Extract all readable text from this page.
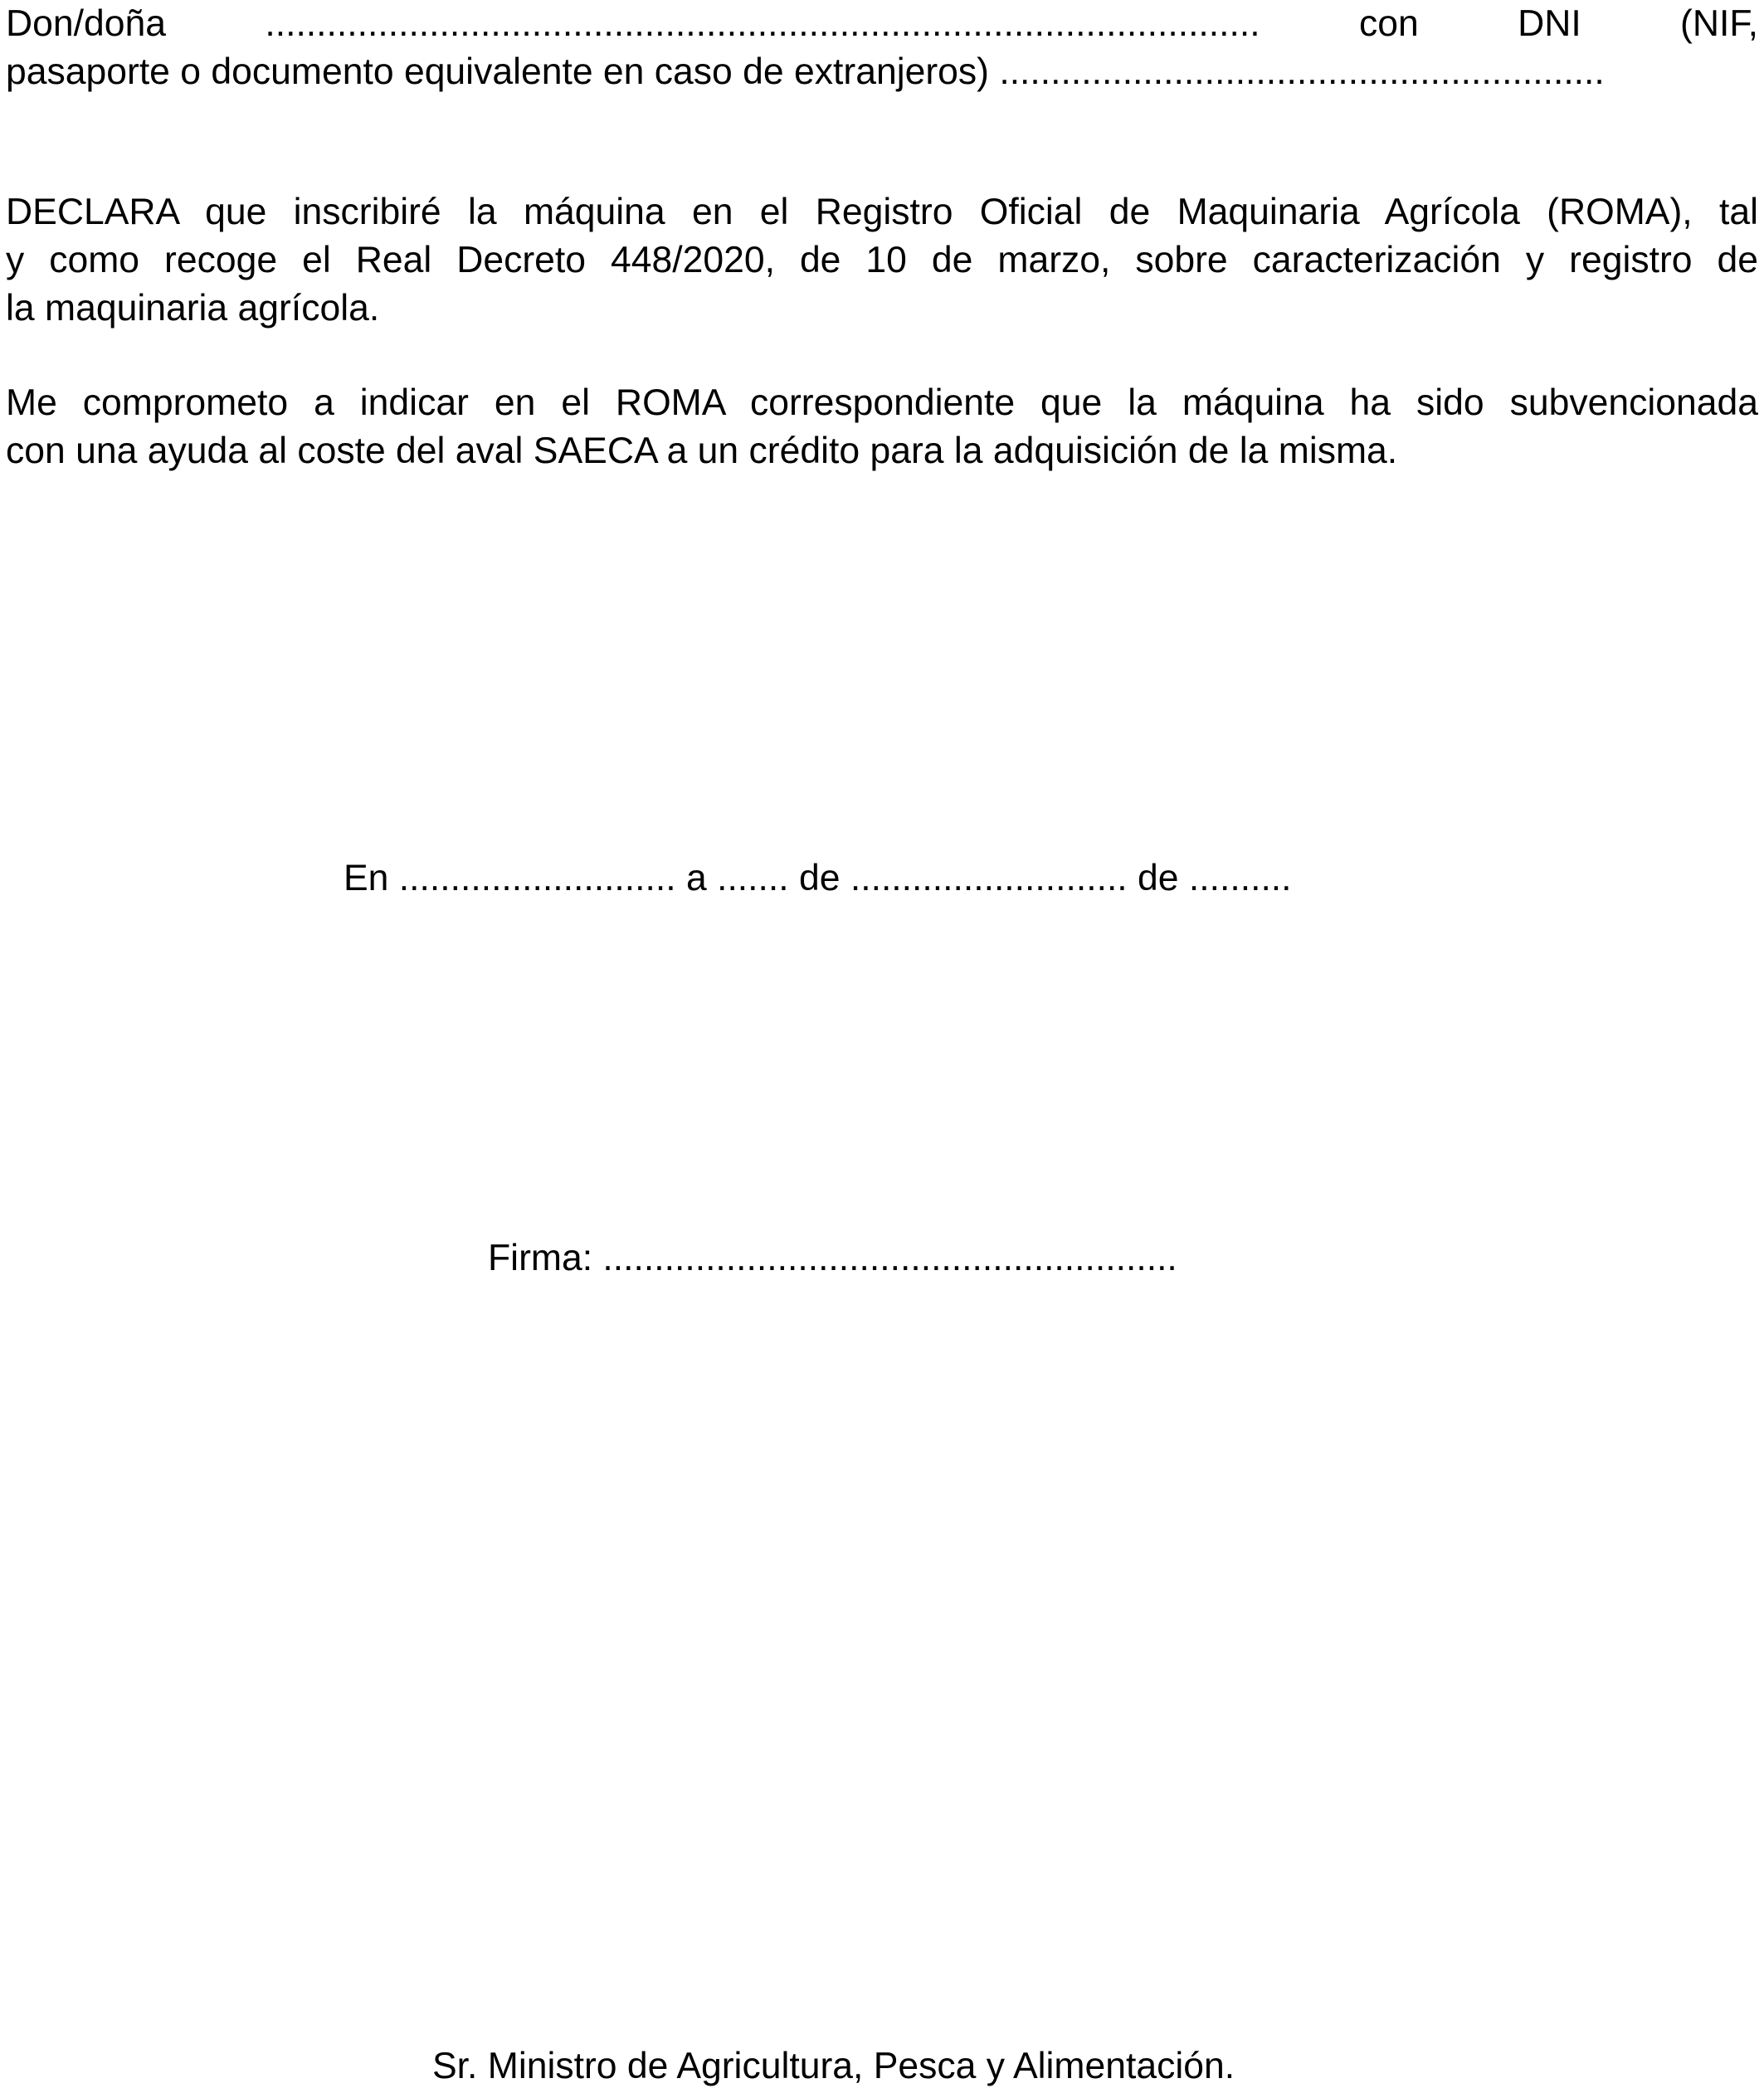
Don/doña ................................................................................................. con DNI (NIF,
pasaporte o documento equivalente en caso de extranjeros) ...........................................................
DECLARA que inscribiré la máquina en el Registro Oficial de Maquinaria Agrícola (ROMA), tal
y como recoge el Real Decreto 448/2020, de 10 de marzo, sobre caracterización y registro de
la maquinaria agrícola.
Me comprometo a indicar en el ROMA correspondiente que la máquina ha sido subvencionada
con una ayuda al coste del aval SAECA a un crédito para la adquisición de la misma.

En ........................... a ....... de ........................... de ..........

Firma: ........................................................

Sr. Ministro de Agricultura, Pesca y Alimentación.
